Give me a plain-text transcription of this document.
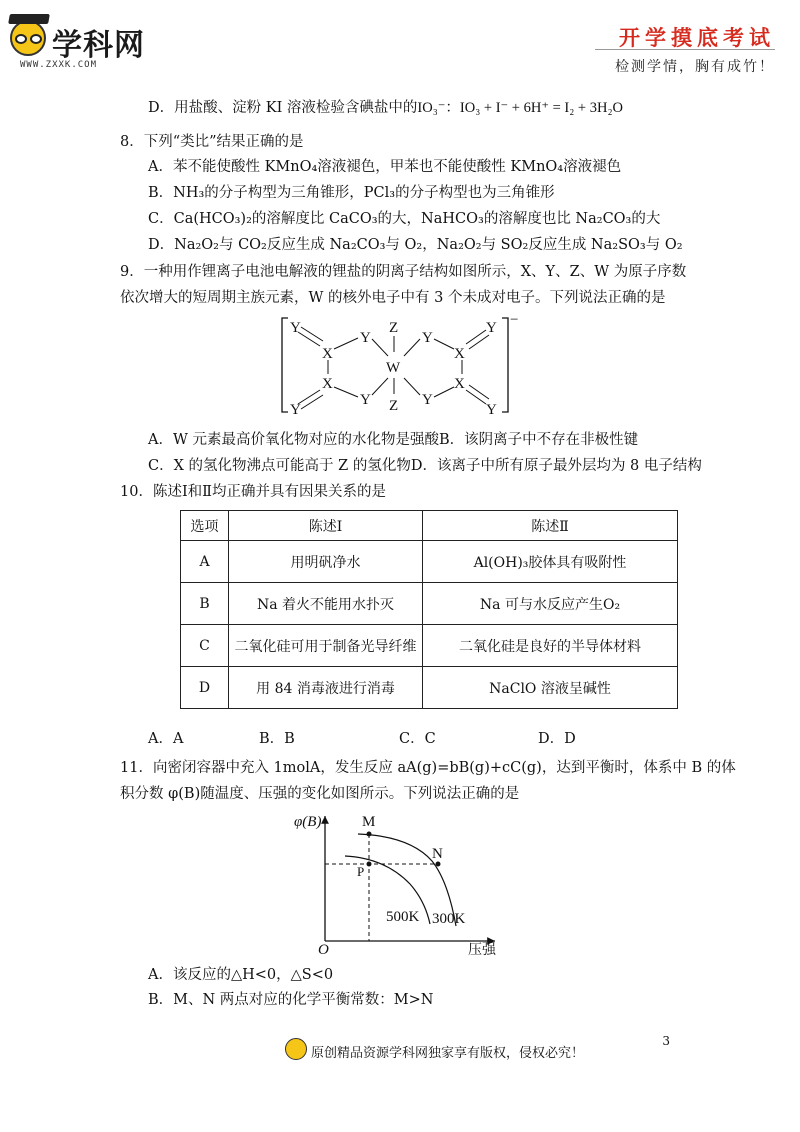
学科网
WWW.ZXXK.COM
开学摸底考试
检测学情，胸有成竹！
D．用盐酸、淀粉 KI 溶液检验含碘盐中的IO₃⁻：IO₃ + I⁻ + 6H⁺ = I₂ + 3H₂O
8．下列“类比”结果正确的是
A．苯不能使酸性 KMnO₄溶液褪色，甲苯也不能使酸性 KMnO₄溶液褪色
B．NH₃的分子构型为三角锥形，PCl₃的分子构型也为三角锥形
C．Ca(HCO₃)₂的溶解度比 CaCO₃的大，NaHCO₃的溶解度也比 Na₂CO₃的大
D．Na₂O₂与 CO₂反应生成 Na₂CO₃与 O₂，Na₂O₂与 SO₂反应生成 Na₂SO₃与 O₂
9．一种用作锂离子电池电解液的锂盐的阴离子结构如图所示，X、Y、Z、W 为原子序数
依次增大的短周期主族元素，W 的核外电子中有 3 个未成对电子。下列说法正确的是
Y
X
Y
Z
W
Y
X
Y
Y
X
Y Z Y
X
Y
−
A．W 元素最高价氧化物对应的水化物是强酸B．该阴离子中不存在非极性键
C．X 的氢化物沸点可能高于 Z 的氢化物D．该离子中所有原子最外层均为 8 电子结构
10．陈述Ⅰ和Ⅱ均正确并具有因果关系的是
选项	陈述Ⅰ	陈述Ⅱ
A	用明矾净水	Al(OH)₃胶体具有吸附性
B	Na 着火不能用水扑灭	Na 可与水反应产生O₂
C	二氧化硅可用于制备光导纤维	二氧化硅是良好的半导体材料
D	用 84 消毒液进行消毒	NaClO 溶液呈碱性
A．A	B．B	C．C	D．D
11．向密闭容器中充入 1molA，发生反应 aA(g)=bB(g)+cC(g)，达到平衡时，体系中 B 的体
积分数 φ(B)随温度、压强的变化如图所示。下列说法正确的是
φ(B)	M
N
P
500K 300K
O	压强
A．该反应的△H<0，△S<0
B．M、N 两点对应的化学平衡常数：M>N
原创精品资源学科网独家享有版权，侵权必究！
3
